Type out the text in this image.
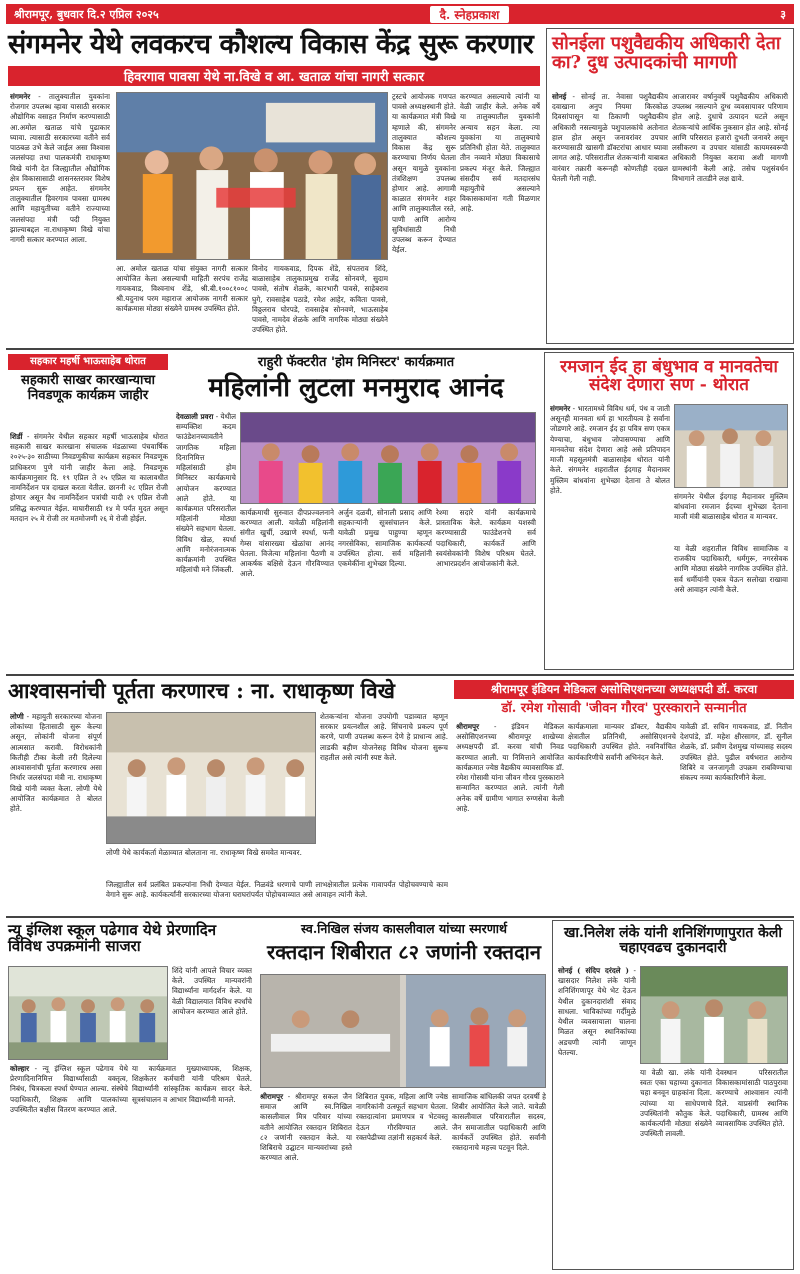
श्रीरामपूर, बुधवार दि.२ एप्रिल २०२५	दै. स्नेहप्रकाश	३
संगमनेर येथे लवकरच कौशल्य विकास केंद्र सुरू करणार
हिवरगाव पावसा येथे ना.विखे व आ. खताळ यांचा नागरी सत्कार
संगमनेर - तालुक्यातील युवकांना रोजगार उपलब्ध व्हावा यासाठी सरकार औद्योगिक वसाहत निर्माण करण्यासाठी आ.अमोल खताळ यांचे पुढाकार घ्यावा. त्यासाठी सरकारच्या वतीने सर्व पाठबळ उभे केले जाईल असा विश्वास जलसंपदा तथा पालकमंत्री राधाकृष्ण विखे यांनी देत जिल्ह्यातील औद्योगिक क्षेत्र विकासासाठी शासनस्तरावर विशेष प्रयत्न सुरू आहेत. संगमनेर तालुक्यातील हिवरगाव पावसा ग्रामस्थ आणि महायुतीच्या वतीने राज्याच्या जलसंपदा मंत्री पदी नियुक्त झाल्याबद्दल ना.राधाकृष्ण विखे यांचा नागरी सत्कार करण्यात आला.
आ. अमोल खताळ यांचा संयुक्त नागरी सत्कार आयोजित केला असल्याची माहिती सरपंच राजेंद्र गायकवाड, विश्वनाथ शेंडे, श्री.बी.१००८१००८ श्री.यदुनाथ परम महाराज आयोजक नागरी सत्कार कार्यक्रमास मोठ्या संख्येने ग्रामस्थ उपस्थित होते.
विनोद गायकवाड, दिपक शेंडे, संपतराव शिंदे, बाळासाहेब तालुकाप्रमुख राजेंद्र सोनवणे, सुदाम पावसे, संतोष शेळके, कारभारी पावसे, साहेबराव घुगे, रावसाहेब पठाडे, रमेश आहेर, कविता पावसे, विठ्ठलराव घोरपडे, रावसाहेब सोनवणे, भाऊसाहेब पावसे, नामदेव शेळके आणि नागरिक मोठ्या संख्येने उपस्थित होते.
ट्रस्टचे आयोजक गणपत पावसे अध्यक्षस्थानी होते. या कार्यक्रमात मंत्री विखे म्हणाले की, संगमनेर तालुक्यात कौशल्य विकास केंद्र सुरू करण्याचा निर्णय घेतला असून यामुळे युवकांना तंत्रशिक्षण उपलब्ध होणार आहे. आगामी काळात संगमनेर शहर आणि तालुक्यातील रस्ते, पाणी आणि आरोग्य सुविधांसाठी निधी उपलब्ध करून देण्यात येईल.
करण्यात असल्याचे त्यांनी या वेळी जाहीर केले. अनेक वर्षे या तालुक्यातील युवकांनी अन्याय सहन केला. त्या युवकांना या तालुक्याचे प्रतिनिधी होता येते. तालुक्यात तीन नव्याने मोठ्या विकासाचे प्रकल्प मंजूर केले. जिल्ह्यात संसदीय सर्व मतदारसंघ महायुतीचे असल्याने विकासकामांना गती मिळणार आहे.
सोनईला पशुवैद्यकीय अधिकारी देता का? दुध उत्पादकांची मागणी
सोनई - सोनई ता. नेवासा पशुवैद्यकीय दवाखाना अनुप नियमा किरकोळ दिवसांपासून या ठिकाणी पशुवैद्यकीय अधिकारी नसल्यामुळे पशुपालकांचे अतोनात हाल होत असून जनावरांवर उपचार करण्यासाठी खासगी डॉक्टरांचा आधार घ्यावा लागत आहे. परिसरातील शेतकऱ्यांनी याबाबत वारंवार तक्रारी करूनही कोणतीही दखल घेतली गेली नाही.
आजारावर वर्षानुवर्षे पशुवैद्यकीय अधिकारी उपलब्ध नसल्याने दुग्ध व्यवसायावर परिणाम होत आहे. दुधाचे उत्पादन घटले असून शेतकऱ्यांचे आर्थिक नुकसान होत आहे. सोनई आणि परिसरात हजारो दुभती जनावरे असून लसीकरण व उपचार यांसाठी कायमस्वरूपी अधिकारी नियुक्त करावा अशी मागणी ग्रामस्थांनी केली आहे. तसेच पशुसंवर्धन विभागाने तातडीने लक्ष द्यावे.
सहकार महर्षी भाऊसाहेब थोरात
सहकारी साखर कारखान्याचा निवडणूक कार्यक्रम जाहीर
शिर्डी - संगमनेर येथील सहकार महर्षी भाऊसाहेब थोरात सहकारी साखर कारखाना संचालक मंडळाच्या पंचवार्षिक २०२५-३० साठीच्या निवडणुकीचा कार्यक्रम सहकार निवडणूक प्राधिकरण पुणे यांनी जाहीर केला आहे. निवडणूक कार्यक्रमानुसार दि. १९ एप्रिल ते २५ एप्रिल या कालावधीत नामनिर्देशन पत्र दाखल करता येतील. छाननी २८ एप्रिल रोजी होणार असून वैध नामनिर्देशन पत्रांची यादी २९ एप्रिल रोजी प्रसिद्ध करण्यात येईल. माघारीसाठी १४ मे पर्यंत मुदत असून मतदान २५ मे रोजी तर मतमोजणी २६ मे रोजी होईल.
राहुरी फॅक्टरीत 'होम मिनिस्टर' कार्यक्रमात
महिलांनी लुटला मनमुराद आनंद
देवळाली प्रवरा - येथील सम्यक्तिश कदम फाउंडेशनच्यावतीने जागतिक महिला दिनानिमित्त महिलांसाठी होम मिनिस्टर कार्यक्रमाचे आयोजन करण्यात आले होते. या कार्यक्रमात परिसरातील महिलांनी मोठ्या संख्येने सहभाग घेतला. विविध खेळ, स्पर्धा आणि मनोरंजनात्मक कार्यक्रमांनी उपस्थित महिलांची मने जिंकली.
कार्यक्रमाची सुरुवात दीपप्रज्वलनाने करण्यात आली. यावेळी महिलांनी संगीत खुर्ची, उखाणे स्पर्धा, फनी गेम्स यांसारख्या खेळांचा आनंद घेतला. विजेत्या महिलांना पैठणी व आकर्षक बक्षिसे देऊन गौरविण्यात आले.
अर्जुन दळवी, सोनाली प्रसाद आणि सहकाऱ्यांनी सूत्रसंचालन केले. यावेळी प्रमुख पाहुण्या म्हणून नगरसेविका, सामाजिक कार्यकर्त्या उपस्थित होत्या. सर्व महिलांनी एकमेकींना शुभेच्छा दिल्या.
रेश्मा सदारे यांनी कार्यक्रमाचे प्रास्ताविक केले. कार्यक्रम यशस्वी करण्यासाठी फाउंडेशनचे सर्व पदाधिकारी, कार्यकर्ते आणि स्वयंसेवकांनी विशेष परिश्रम घेतले. आभारप्रदर्शन आयोजकांनी केले.
रमजान ईद हा बंधुभाव व मानवतेचा संदेश देणारा सण - थोरात
संगमनेर - भारतामध्ये विविध धर्म, पंथ व जाती असूनही मानवता धर्म हा भारतीयत्व हे सर्वांना जोडणारे आहे. रमजान ईद हा पवित्र सण एकत्र येण्याचा, बंधुभाव जोपासण्याचा आणि मानवतेचा संदेश देणारा आहे असे प्रतिपादन माजी महसूलमंत्री बाळासाहेब थोरात यांनी केले. संगमनेर शहरातील ईदगाह मैदानावर मुस्लिम बांधवांना शुभेच्छा देताना ते बोलत होते.
संगमनेर येथील ईदगाह मैदानावर मुस्लिम बांधवांना रमजान ईदच्या शुभेच्छा देताना माजी मंत्री बाळासाहेब थोरात व मान्यवर.
या वेळी शहरातील विविध सामाजिक व राजकीय पदाधिकारी, धर्मगुरू, नगरसेवक आणि मोठ्या संख्येने नागरिक उपस्थित होते. सर्व धर्मीयांनी एकत्र येऊन सलोखा राखावा असे आवाहन त्यांनी केले.
आश्वासनांची पूर्तता करणारच : ना. राधाकृष्ण विखे
लोणी - महायुती सरकारच्या योजना लोकांच्या हितासाठी सुरू केल्या असून, लोकांनी योजना संपूर्ण आत्मसात करावी. विरोधकांनी कितीही टीका केली तरी दिलेल्या आश्वासनांची पूर्तता करणारच असा निर्धार जलसंपदा मंत्री ना. राधाकृष्ण विखे यांनी व्यक्त केला. लोणी येथे आयोजित कार्यक्रमात ते बोलत होते.
लोणी येथे कार्यकर्ता मेळाव्यात बोलताना ना. राधाकृष्ण विखे समवेत मान्यवर.
शेतकऱ्यांना योजना उपयोगी पडाव्यात म्हणून सरकार प्रयत्नशील आहे. सिंचनाचे प्रकल्प पूर्ण करणे, पाणी उपलब्ध करून देणे हे प्राधान्य आहे. लाडकी बहीण योजनेसह विविध योजना सुरूच राहतील असे त्यांनी स्पष्ट केले.
जिल्ह्यातील सर्व प्रलंबित प्रकल्पांना निधी देण्यात येईल. निळवंडे धरणाचे पाणी लाभक्षेत्रातील प्रत्येक गावापर्यंत पोहोचवण्याचे काम वेगाने सुरू आहे. कार्यकर्त्यांनी सरकारच्या योजना घराघरांपर्यंत पोहोचवाव्यात असे आवाहन त्यांनी केले.
श्रीरामपूर इंडियन मेडिकल असोसिएशनच्या अध्यक्षपदी डॉ. करवा
डॉ. रमेश गोसावी 'जीवन गौरव' पुरस्काराने सन्मानीत
श्रीरामपूर - इंडियन मेडिकल असोसिएशनच्या श्रीरामपूर शाखेच्या अध्यक्षपदी डॉ. करवा यांची निवड करण्यात आली. या निमित्ताने आयोजित कार्यक्रमात ज्येष्ठ वैद्यकीय व्यावसायिक डॉ. रमेश गोसावी यांना जीवन गौरव पुरस्काराने सन्मानित करण्यात आले. त्यांनी गेली अनेक वर्षे ग्रामीण भागात रुग्णसेवा केली आहे.
कार्यक्रमाला मान्यवर डॉक्टर, वैद्यकीय क्षेत्रातील प्रतिनिधी, असोसिएशनचे पदाधिकारी उपस्थित होते. नवनिर्वाचित कार्यकारिणीचे सर्वांनी अभिनंदन केले.
यावेळी डॉ. सचिन गायकवाड, डॉ. नितीन देशपांडे, डॉ. महेश क्षीरसागर, डॉ. सुनील शेळके, डॉ. प्रवीण देशमुख यांच्यासह सदस्य उपस्थित होते. पुढील वर्षभरात आरोग्य शिबिरे व जनजागृती उपक्रम राबविण्याचा संकल्प नव्या कार्यकारिणीने केला.
न्यू इंग्लिश स्कूल पढेगाव येथे प्रेरणादिन विविध उपक्रमांनी साजरा
शिंदे यांनी आपले विचार व्यक्त केले. उपस्थित मान्यवरांनी विद्यार्थ्यांना मार्गदर्शन केले. या वेळी विद्यालयात विविध स्पर्धांचे आयोजन करण्यात आले होते.
कोल्हार - न्यू इंग्लिश स्कूल पढेगाव येथे प्रेरणादिनानिमित्त विद्यार्थ्यांसाठी वक्तृत्व, निबंध, चित्रकला स्पर्धा घेण्यात आल्या. संस्थेचे पदाधिकारी, शिक्षक आणि पालकांच्या उपस्थितीत बक्षीस वितरण करण्यात आले.
या कार्यक्रमात मुख्याध्यापक, शिक्षक, शिक्षकेतर कर्मचारी यांनी परिश्रम घेतले. विद्यार्थ्यांनी सांस्कृतिक कार्यक्रम सादर केले. सूत्रसंचालन व आभार विद्यार्थ्यांनी मानले.
स्व.निखिल संजय कासलीवाल यांच्या स्मरणार्थ
रक्तदान शिबीरात ८२ जणांनी रक्तदान
श्रीरामपूर - श्रीरामपूर सकल जैन समाज आणि स्व.निखिल कासलीवाल मित्र परिवार यांच्या वतीने आयोजित रक्तदान शिबिरात ८२ जणांनी रक्तदान केले. या शिबिराचे उद्घाटन मान्यवरांच्या हस्ते करण्यात आले.
शिबिरात युवक, महिला आणि ज्येष्ठ नागरिकांनी उत्स्फूर्त सहभाग घेतला. रक्तदात्यांना प्रमाणपत्र व भेटवस्तू देऊन गौरविण्यात आले. रक्तपेढीच्या तज्ञांनी सहकार्य केले.
सामाजिक बांधिलकी जपत दरवर्षी हे शिबीर आयोजित केले जाते. यावेळी कासलीवाल परिवारातील सदस्य, जैन समाजातील पदाधिकारी आणि कार्यकर्ते उपस्थित होते. सर्वांनी रक्तदानाचे महत्त्व पटवून दिले.
खा.निलेश लंके यांनी शनिशिंगणापुरात केली चहाएवढच दुकानदारी
सोनई ( संदिप दरंदले ) - खासदार निलेश लंके यांनी शनिशिंगणापूर येथे भेट देऊन येथील दुकानदारांशी संवाद साधला. भाविकांच्या गर्दीमुळे येथील व्यवसायाला चालना मिळत असून स्थानिकांच्या अडचणी त्यांनी जाणून घेतल्या.
या वेळी खा. लंके यांनी स्वतः एका चहाच्या दुकानात चहा बनवून ग्राहकांना दिला. त्यांच्या या साधेपणाचे उपस्थितांनी कौतुक केले. कार्यकर्त्यांनी मोठ्या संख्येने उपस्थिती लावली.
देवस्थान परिसरातील विकासकामांसाठी पाठपुरावा करण्याचे आश्वासन त्यांनी दिले. याप्रसंगी स्थानिक पदाधिकारी, ग्रामस्थ आणि व्यावसायिक उपस्थित होते.
